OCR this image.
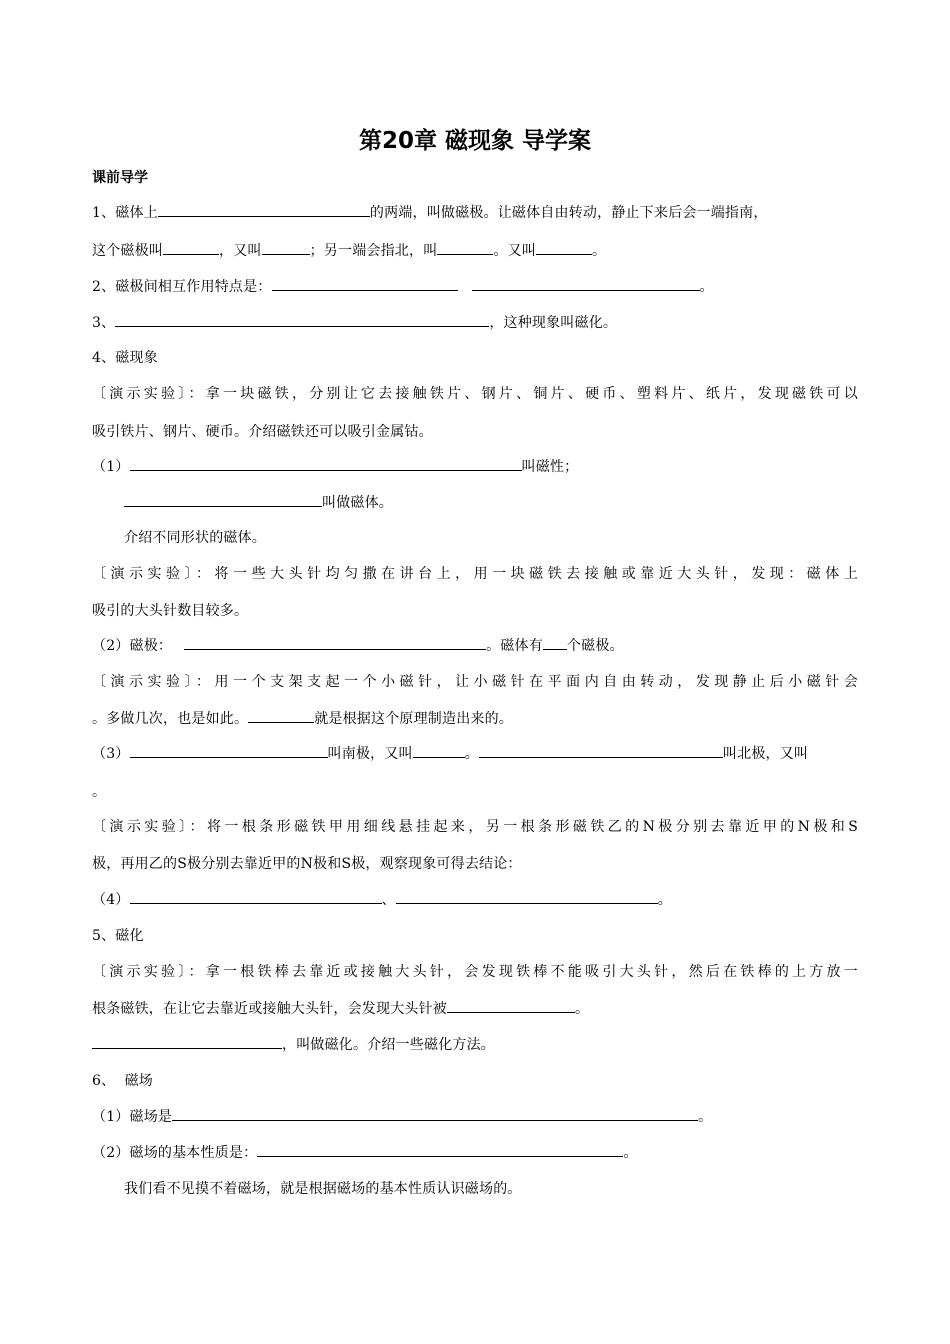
第20章 磁现象 导学案
课前导学
1、磁体上	的两端，叫做磁极。让磁体自由转动，静止下来后会一端指南，
这个磁极叫	，又叫	；另一端会指北，叫	。又叫	。
2、磁极间相互作用特点是：	。
3、	，这种现象叫磁化。
4、磁现象
〔演示实验〕：拿一块磁铁，分别让它去接触铁片、钢片、铜片、硬币、塑料片、纸片，发现磁铁可以
吸引铁片、钢片、硬币。介绍磁铁还可以吸引金属钴。
（1）	叫磁性；
叫做磁体。
介绍不同形状的磁体。
〔演示实验〕：将一些大头针均匀撒在讲台上，用一块磁铁去接触或靠近大头针，发现：磁体上
吸引的大头针数目较多。
（2）磁极：	。磁体有 个磁极。
〔演示实验〕：用一个支架支起一个小磁针，让小磁针在平面内自由转动，发现静止后小磁针会
。多做几次，也是如此。	就是根据这个原理制造出来的。
（3）	叫南极，又叫	。	叫北极，又叫
。
〔演示实验〕：将一根条形磁铁甲用细线悬挂起来，另一根条形磁铁乙的N极分别去靠近甲的N极和S
极，再用乙的S极分别去靠近甲的N极和S极，观察现象可得去结论：
（4）	、	。
5、磁化
〔演示实验〕：拿一根铁棒去靠近或接触大头针，会发现铁棒不能吸引大头针，然后在铁棒的上方放一
根条磁铁，在让它去靠近或接触大头针，会发现大头针被	。
，叫做磁化。介绍一些磁化方法。
6、  磁场
（1）磁场是	。
（2）磁场的基本性质是：	。
我们看不见摸不着磁场，就是根据磁场的基本性质认识磁场的。
